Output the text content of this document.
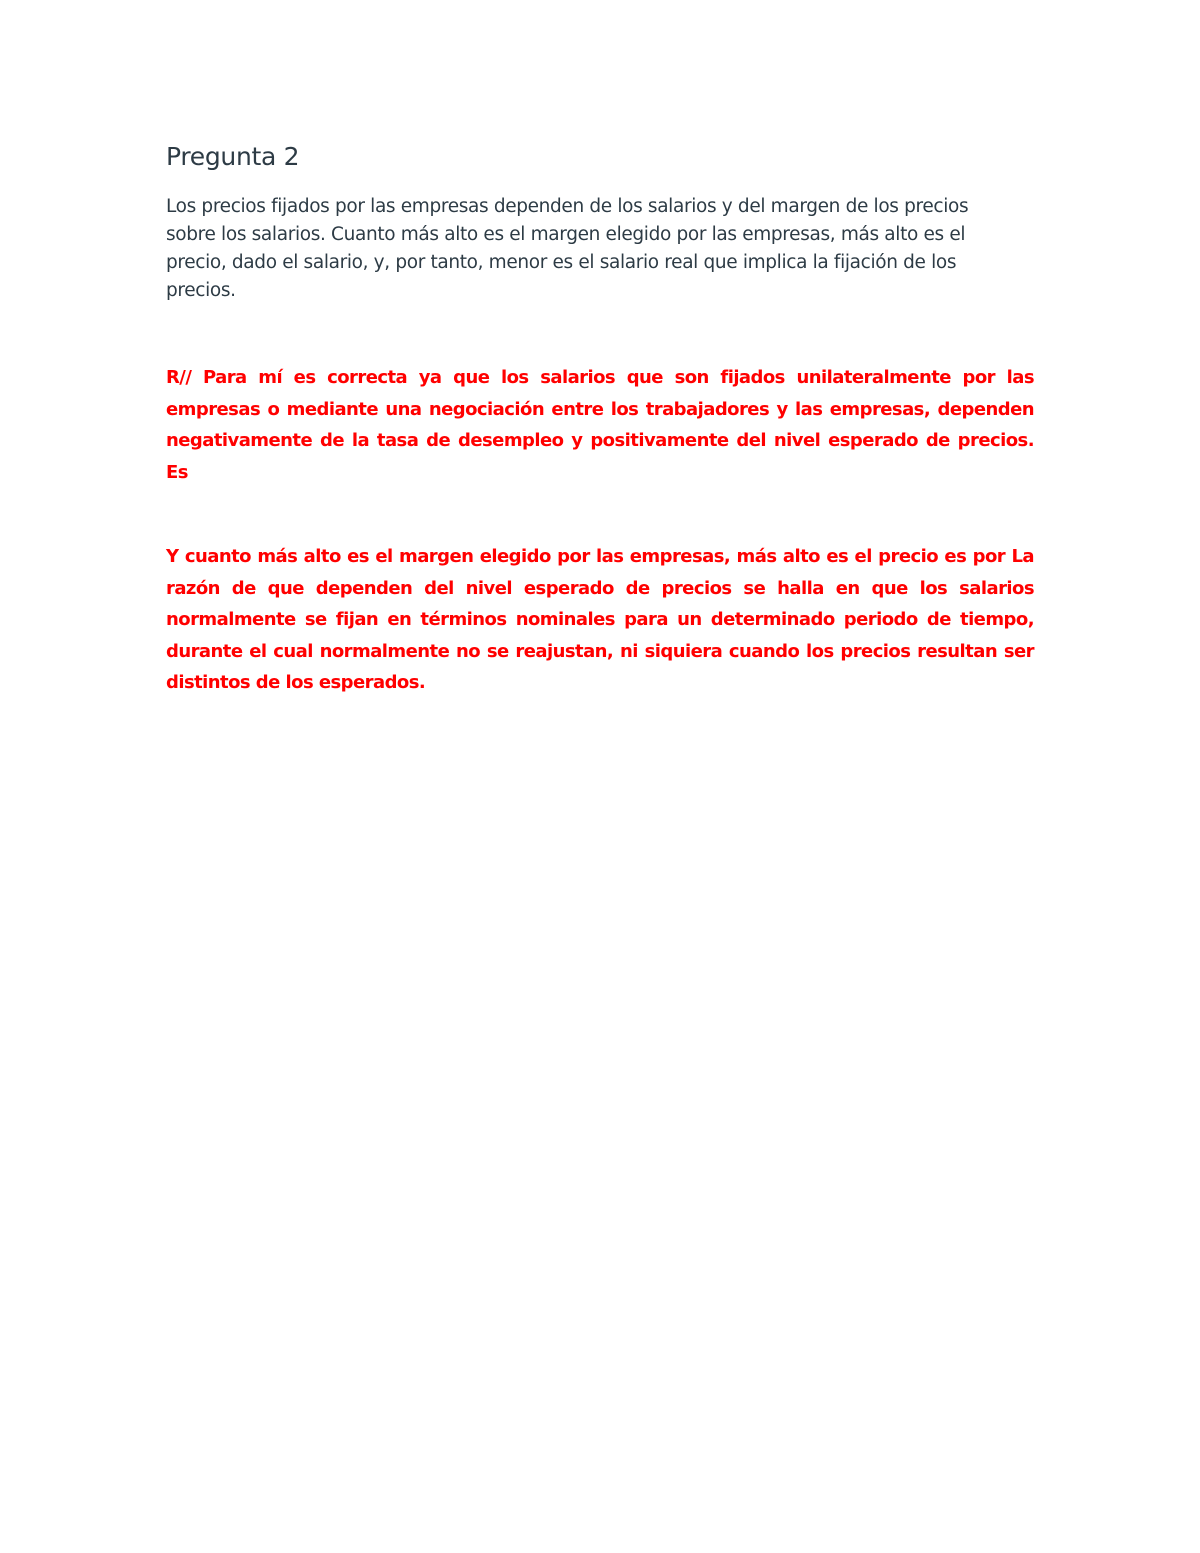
Pregunta 2

Los precios fijados por las empresas dependen de los salarios y del margen de los precios sobre los salarios. Cuanto más alto es el margen elegido por las empresas, más alto es el precio, dado el salario, y, por tanto, menor es el salario real que implica la fijación de los precios.

R// Para mí es correcta ya que los salarios que son fijados unilateralmente por las empresas o mediante una negociación entre los trabajadores y las empresas, dependen negativamente de la tasa de desempleo y positivamente del nivel esperado de precios. Es

Y cuanto más alto es el margen elegido por las empresas, más alto es el precio es por La razón de que dependen del nivel esperado de precios se halla en que los salarios normalmente se fijan en términos nominales para un determinado periodo de tiempo, durante el cual normalmente no se reajustan, ni siquiera cuando los precios resultan ser distintos de los esperados.
